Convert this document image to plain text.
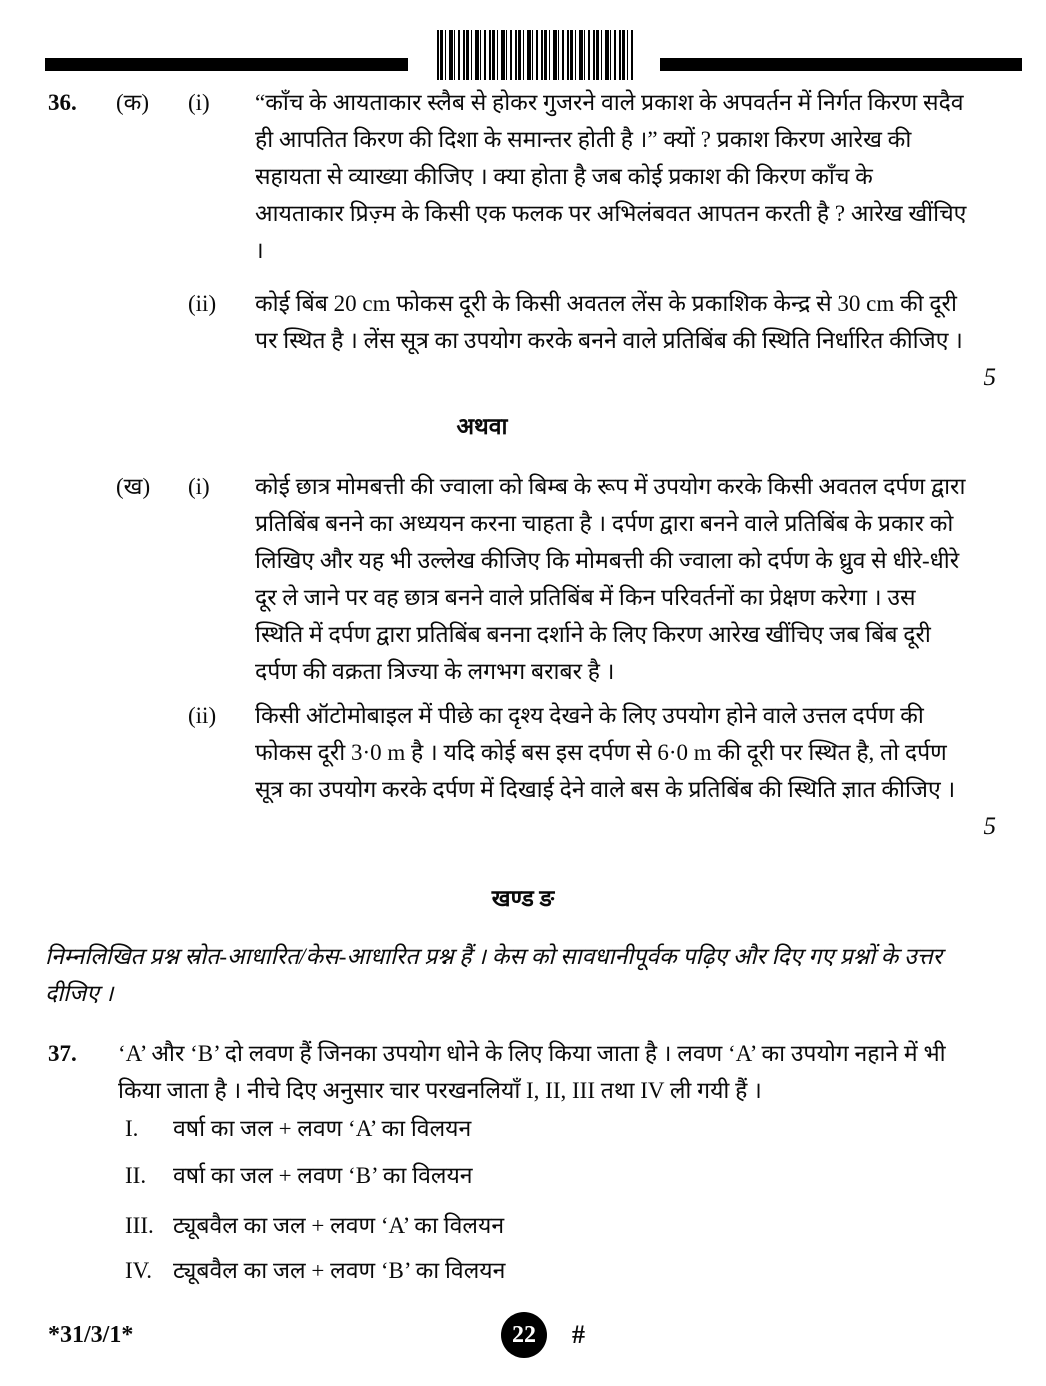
36.	(क)	(i)	“काँच के आयताकार स्लैब से होकर गुजरने वाले प्रकाश के अपवर्तन में निर्गत किरण सदैव ही आपतित किरण की दिशा के समान्तर होती है ।” क्यों ? प्रकाश किरण आरेख की सहायता से व्याख्या कीजिए । क्या होता है जब कोई प्रकाश की किरण काँच के आयताकार प्रिज़्म के किसी एक फलक पर अभिलंबवत आपतन करती है ? आरेख खींचिए ।
(ii)	कोई बिंब 20 cm फोकस दूरी के किसी अवतल लेंस के प्रकाशिक केन्द्र से 30 cm की दूरी पर स्थित है । लेंस सूत्र का उपयोग करके बनने वाले प्रतिबिंब की स्थिति निर्धारित कीजिए ।
5
अथवा
(ख)	(i)	कोई छात्र मोमबत्ती की ज्वाला को बिम्ब के रूप में उपयोग करके किसी अवतल दर्पण द्वारा प्रतिबिंब बनने का अध्ययन करना चाहता है । दर्पण द्वारा बनने वाले प्रतिबिंब के प्रकार को लिखिए और यह भी उल्लेख कीजिए कि मोमबत्ती की ज्वाला को दर्पण के ध्रुव से धीरे-धीरे दूर ले जाने पर वह छात्र बनने वाले प्रतिबिंब में किन परिवर्तनों का प्रेक्षण करेगा । उस स्थिति में दर्पण द्वारा प्रतिबिंब बनना दर्शाने के लिए किरण आरेख खींचिए जब बिंब दूरी दर्पण की वक्रता त्रिज्या के लगभग बराबर है ।
(ii)	किसी ऑटोमोबाइल में पीछे का दृश्य देखने के लिए उपयोग होने वाले उत्तल दर्पण की फोकस दूरी 3·0 m है । यदि कोई बस इस दर्पण से 6·0 m की दूरी पर स्थित है, तो दर्पण सूत्र का उपयोग करके दर्पण में दिखाई देने वाले बस के प्रतिबिंब की स्थिति ज्ञात कीजिए ।
5
खण्ड ङ
निम्नलिखित प्रश्न स्रोत-आधारित/केस-आधारित प्रश्न हैं । केस को सावधानीपूर्वक पढ़िए और दिए गए प्रश्नों के उत्तर दीजिए ।
37.	‘A’ और ‘B’ दो लवण हैं जिनका उपयोग धोने के लिए किया जाता है । लवण ‘A’ का उपयोग नहाने में भी किया जाता है । नीचे दिए अनुसार चार परखनलियाँ I, II, III तथा IV ली गयी हैं ।
I.	वर्षा का जल + लवण ‘A’ का विलयन
II.	वर्षा का जल + लवण ‘B’ का विलयन
III. ट्यूबवैल का जल + लवण ‘A’ का विलयन
IV. ट्यूबवैल का जल + लवण ‘B’ का विलयन
*31/3/1*	22	#
